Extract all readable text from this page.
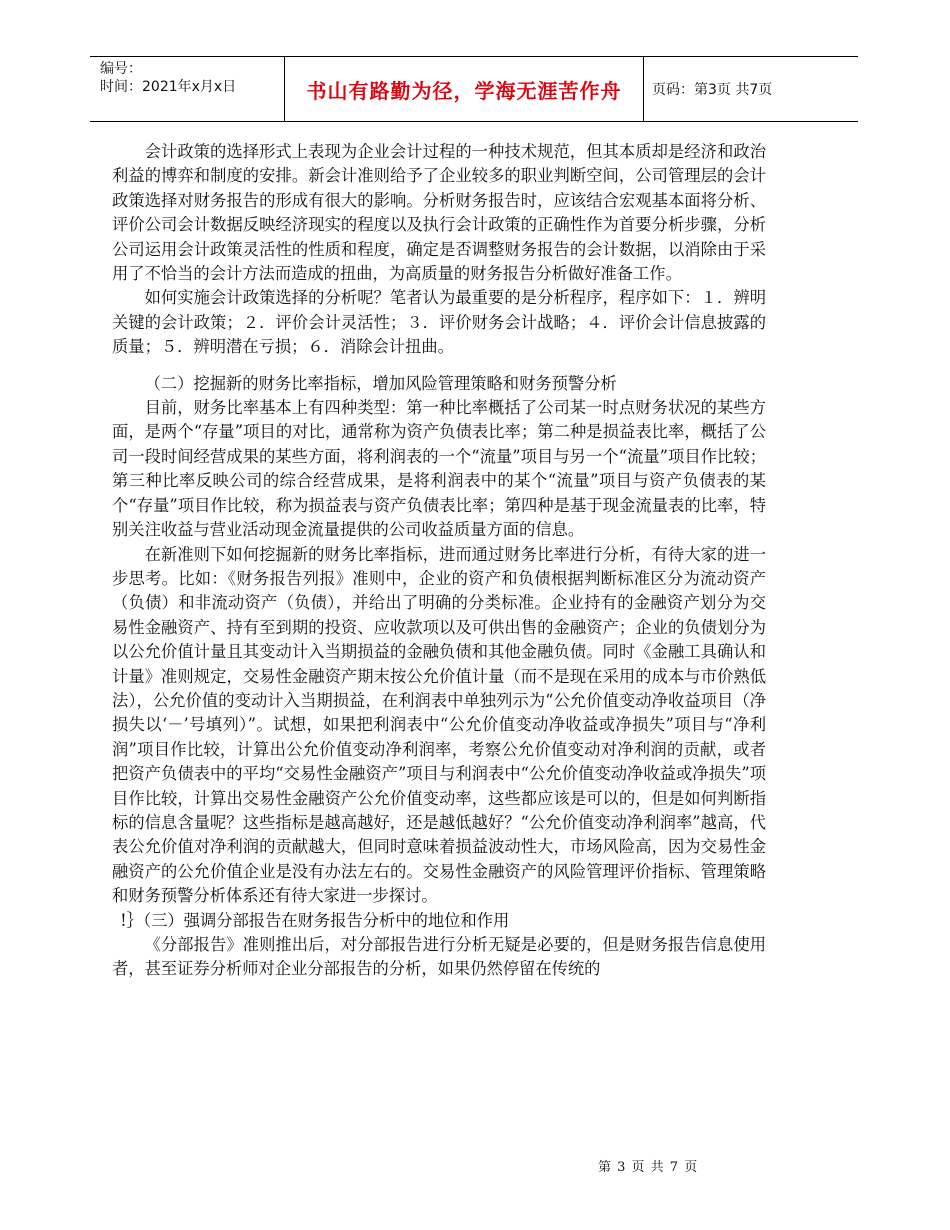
编号：
时间：2021年x月x日	书山有路勤为径，学海无涯苦作舟	页码：第3页 共7页

会计政策的选择形式上表现为企业会计过程的一种技术规范，但其本质却是经济和政治利益的博弈和制度的安排。新会计准则给予了企业较多的职业判断空间，公司管理层的会计政策选择对财务报告的形成有很大的影响。分析财务报告时，应该结合宏观基本面将分析、评价公司会计数据反映经济现实的程度以及执行会计政策的正确性作为首要分析步骤，分析公司运用会计政策灵活性的性质和程度，确定是否调整财务报告的会计数据，以消除由于采用了不恰当的会计方法而造成的扭曲，为高质量的财务报告分析做好准备工作。

如何实施会计政策选择的分析呢？笔者认为最重要的是分析程序，程序如下：１．辨明关键的会计政策；２．评价会计灵活性；３．评价财务会计战略；４．评价会计信息披露的质量；５．辨明潜在亏损；６．消除会计扭曲。

（二）挖掘新的财务比率指标，增加风险管理策略和财务预警分析

目前，财务比率基本上有四种类型：第一种比率概括了公司某一时点财务状况的某些方面，是两个“存量”项目的对比，通常称为资产负债表比率；第二种是损益表比率，概括了公司一段时间经营成果的某些方面，将利润表的一个“流量”项目与另一个“流量”项目作比较；第三种比率反映公司的综合经营成果，是将利润表中的某个“流量”项目与资产负债表的某个“存量”项目作比较，称为损益表与资产负债表比率；第四种是基于现金流量表的比率，特别关注收益与营业活动现金流量提供的公司收益质量方面的信息。

在新准则下如何挖掘新的财务比率指标，进而通过财务比率进行分析，有待大家的进一步思考。比如：《财务报告列报》准则中，企业的资产和负债根据判断标准区分为流动资产（负债）和非流动资产（负债），并给出了明确的分类标准。企业持有的金融资产划分为交易性金融资产、持有至到期的投资、应收款项以及可供出售的金融资产；企业的负债划分为以公允价值计量且其变动计入当期损益的金融负债和其他金融负债。同时《金融工具确认和计量》准则规定，交易性金融资产期末按公允价值计量（而不是现在采用的成本与市价熟低法），公允价值的变动计入当期损益，在利润表中单独列示为“公允价值变动净收益项目（净损失以‘－’号填列）”。试想，如果把利润表中“公允价值变动净收益或净损失”项目与“净利润”项目作比较，计算出公允价值变动净利润率，考察公允价值变动对净利润的贡献，或者把资产负债表中的平均“交易性金融资产”项目与利润表中“公允价值变动净收益或净损失”项目作比较，计算出交易性金融资产公允价值变动率，这些都应该是可以的，但是如何判断指标的信息含量呢？这些指标是越高越好，还是越低越好？“公允价值变动净利润率”越高，代表公允价值对净利润的贡献越大，但同时意味着损益波动性大，市场风险高，因为交易性金融资产的公允价值企业是没有办法左右的。交易性金融资产的风险管理评价指标、管理策略和财务预警分析体系还有待大家进一步探讨。

!｝（三）强调分部报告在财务报告分析中的地位和作用

《分部报告》准则推出后，对分部报告进行分析无疑是必要的，但是财务报告信息使用者，甚至证券分析师对企业分部报告的分析，如果仍然停留在传统的

第 3 页 共 7 页
